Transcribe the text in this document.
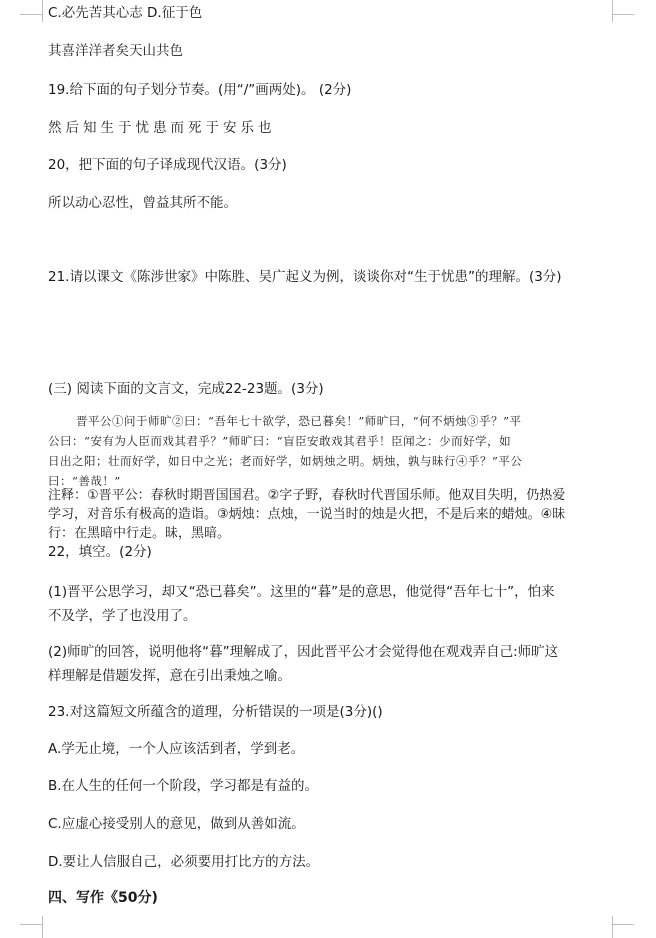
C.必先苦其心志 D.征于色
其喜洋洋者矣天山共色
19.给下面的句子划分节奏。(用“/”画两处)。 (2分)
然后知生于忧患而死于安乐也
20，把下面的句子译成现代汉语。(3分)
所以动心忍性，曾益其所不能。
21.请以课文《陈涉世家》中陈胜、吴广起义为例，谈谈你对“生于忧患”的理解。(3分)
(三) 阅读下面的文言文，完成22-23题。(3分)

晋平公①问于师旷②曰：“吾年七十欲学，恐已暮矣！”师旷曰，“何不炳烛③乎？”平

公曰：“安有为人臣而戏其君乎？”师旷曰：“盲臣安敢戏其君乎！臣闻之：少而好学，如

日出之阳；壮而好学，如日中之光；老而好学，如炳烛之明。炳烛，孰与昧行④乎？”平公

曰：“善哉！”

注释：①晋平公：春秋时期晋国国君。②字子野，春秋时代晋国乐师。他双目失明，仍热爱

学习，对音乐有极高的造诣。③炳烛：点烛，一说当时的烛是火把，不是后来的蜡烛。④昧

行：在黑暗中行走。昧，黑暗。

22，填空。(2分)

(1)晋平公思学习，却又“恐已暮矣”。这里的“暮”是的意思，他觉得“吾年七十”，怕来

不及学，学了也没用了。

(2)师旷的回答，说明他将“暮”理解成了，因此晋平公才会觉得他在观戏弄自己:师旷这

样理解是借题发挥，意在引出秉烛之喻。

23.对这篇短文所蕴含的道理，分析错误的一项是(3分)()
A.学无止境，一个人应该活到者，学到老。
B.在人生的任何一个阶段，学习都是有益的。
C.应虚心接受别人的意见，做到从善如流。
D.要让人信服自己，必须要用打比方的方法。
四、写作《50分)
